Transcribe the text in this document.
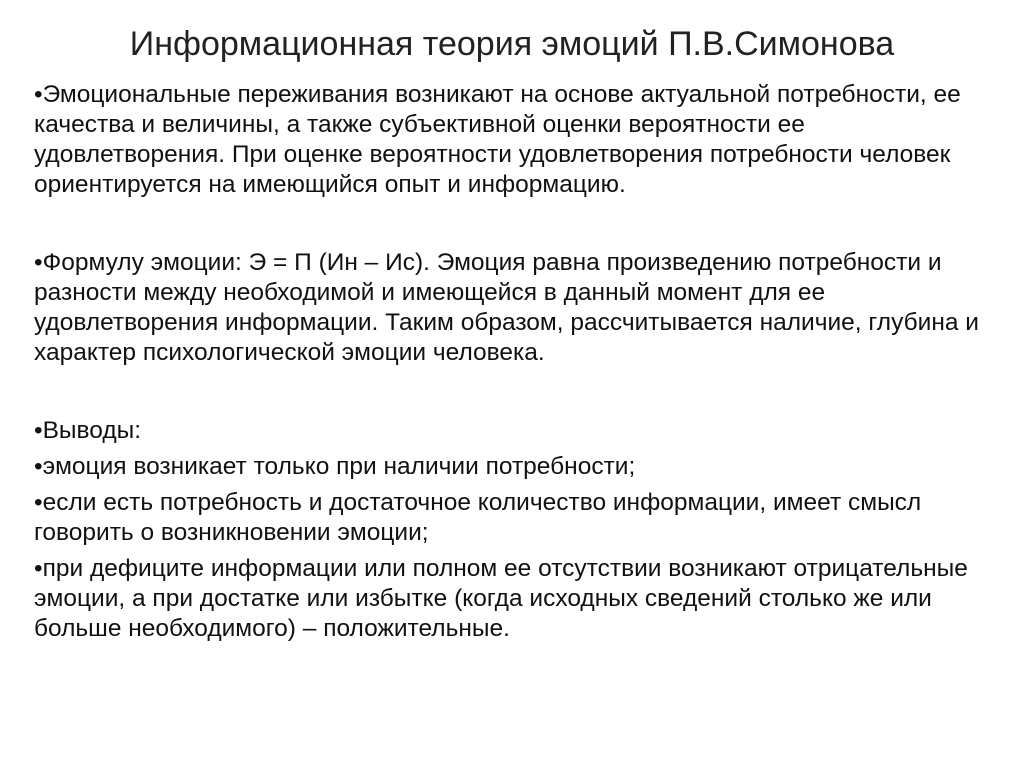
Информационная теория эмоций П.В.Симонова

•Эмоциональные переживания возникают на основе актуальной потребности, ее качества и величины, а также субъективной оценки вероятности ее удовлетворения. При оценке вероятности удовлетворения потребности человек ориентируется на имеющийся опыт и информацию.

•Формулу эмоции: Э = П (Ин – Ис). Эмоция равна произведению потребности и разности между необходимой и имеющейся в данный момент для ее удовлетворения информации. Таким образом, рассчитывается наличие, глубина и характер психологической эмоции человека.

•Выводы:

•эмоция возникает только при наличии потребности;

•если есть потребность и достаточное количество информации, имеет смысл говорить о возникновении эмоции;

•при дефиците информации или полном ее отсутствии возникают отрицательные эмоции, а при достатке или избытке (когда исходных сведений столько же или больше необходимого) – положительные.
